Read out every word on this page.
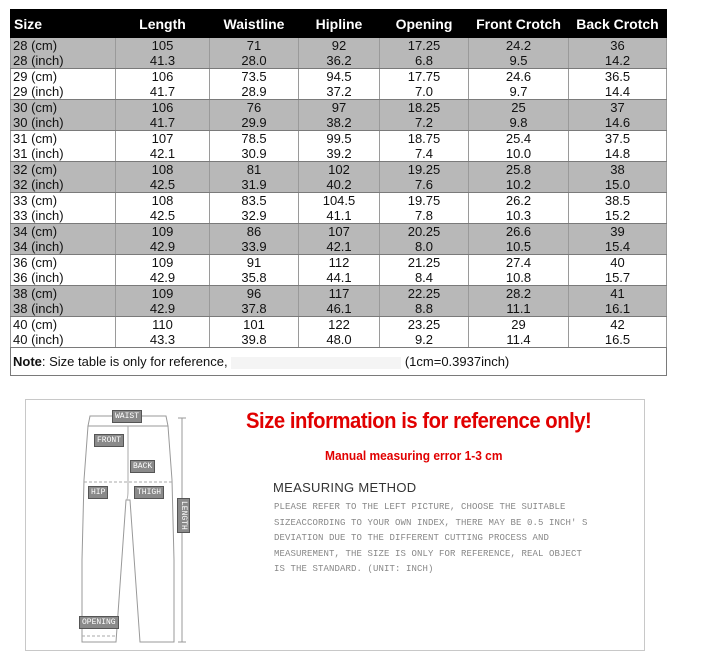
Size	Length	Waistline	Hipline	Opening	Front Crotch	Back Crotch
28 (cm)	105	71	92	17.25	24.2	36
28 (inch)	41.3	28.0	36.2	6.8	9.5	14.2
29 (cm)	106	73.5	94.5	17.75	24.6	36.5
29 (inch)	41.7	28.9	37.2	7.0	9.7	14.4
30 (cm)	106	76	97	18.25	25	37
30 (inch)	41.7	29.9	38.2	7.2	9.8	14.6
31 (cm)	107	78.5	99.5	18.75	25.4	37.5
31 (inch)	42.1	30.9	39.2	7.4	10.0	14.8
32 (cm)	108	81	102	19.25	25.8	38
32 (inch)	42.5	31.9	40.2	7.6	10.2	15.0
33 (cm)	108	83.5	104.5	19.75	26.2	38.5
33 (inch)	42.5	32.9	41.1	7.8	10.3	15.2
34 (cm)	109	86	107	20.25	26.6	39
34 (inch)	42.9	33.9	42.1	8.0	10.5	15.4
36 (cm)	109	91	112	21.25	27.4	40
36 (inch)	42.9	35.8	44.1	8.4	10.8	15.7
38 (cm)	109	96	117	22.25	28.2	41
38 (inch)	42.9	37.8	46.1	8.8	11.1	16.1
40 (cm)	110	101	122	23.25	29	42
40 (inch)	43.3	39.8	48.0	9.2	11.4	16.5
Note: Size table is only for reference, (1cm=0.3937inch)						
WAIST
FRONT
BACK
HIP	THIGH
LENGTH
OPENING
Size information is for reference only!
Manual measuring error 1-3 cm
MEASURING METHOD
PLEASE REFER TO THE LEFT PICTURE, CHOOSE THE SUITABLE
SIZEACCORDING TO YOUR OWN INDEX, THERE MAY BE 0.5 INCH' S
DEVIATION DUE TO THE DIFFERENT CUTTING PROCESS AND
MEASUREMENT, THE SIZE IS ONLY FOR REFERENCE, REAL OBJECT
IS THE STANDARD. (UNIT: INCH)
